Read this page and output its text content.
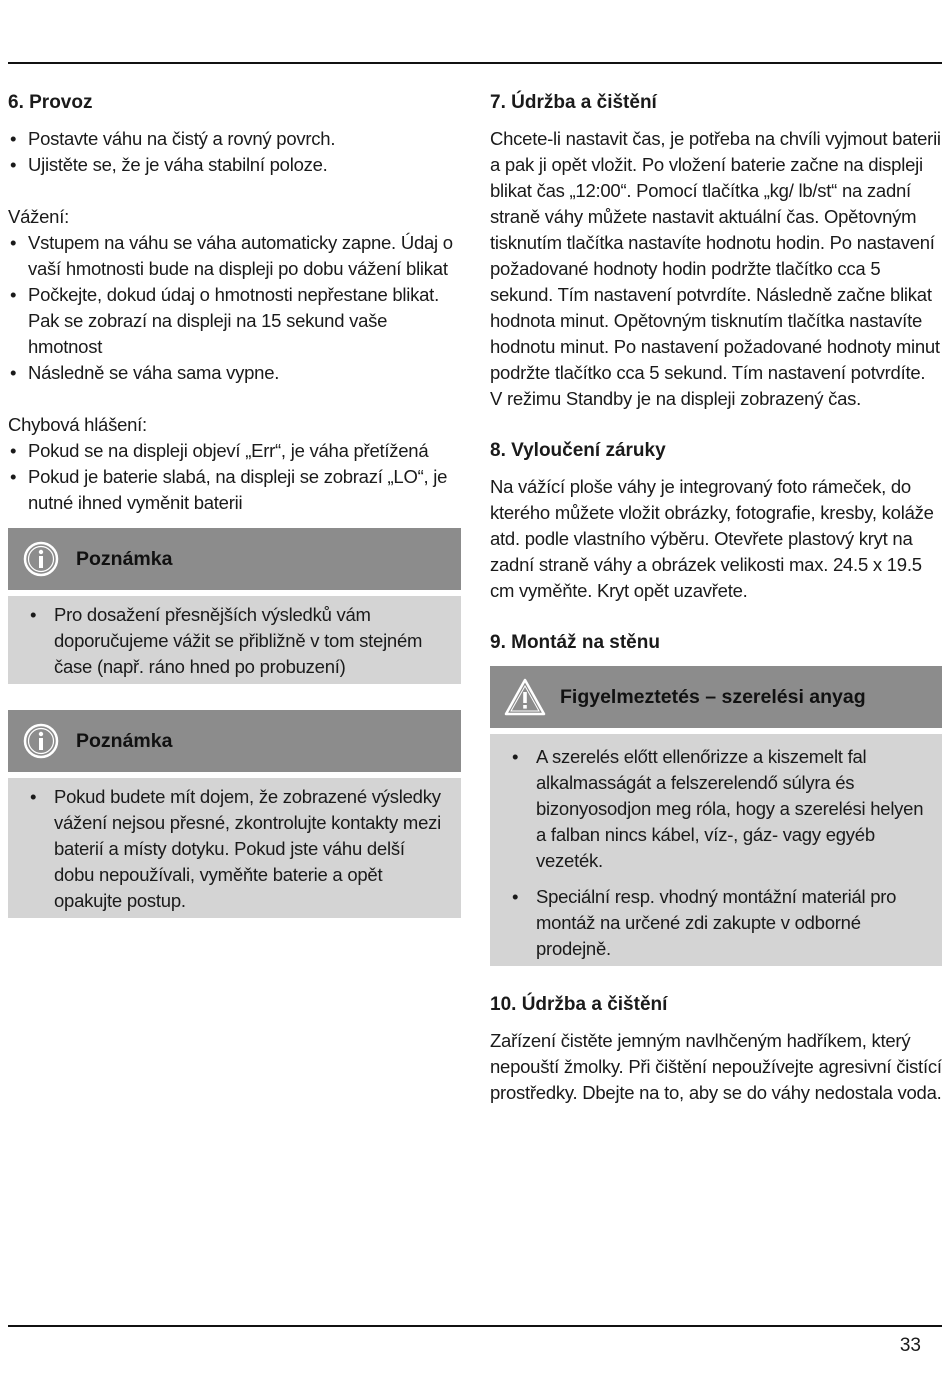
6. Provoz
• Postavte váhu na čistý a rovný povrch.
• Ujistěte se, že je váha stabilní poloze.

Vážení:

• Vstupem na váhu se váha automaticky zapne. Údaj o vaší hmotnosti bude na displeji po dobu vážení blikat
• Počkejte, dokud údaj o hmotnosti nepřestane blikat. Pak se zobrazí na displeji na 15 sekund vaše hmotnost
• Následně se váha sama vypne.

Chybová hlášení:

• Pokud se na displeji objeví „Err“, je váha přetížená
• Pokud je baterie slabá, na displeji se zobrazí „LO“, je nutné ihned vyměnit baterii
Poznámka
• Pro dosažení přesnějších výsledků vám doporučujeme vážit se přibližně v tom stejném čase (např. ráno hned po probuzení)
Poznámka
• Pokud budete mít dojem, že zobrazené výsledky vážení nejsou přesné, zkontrolujte kontakty mezi baterií a místy dotyku. Pokud jste váhu delší dobu nepoužívali, vyměňte baterie a opět opakujte postup.
7. Údržba a čištění

Chcete-li nastavit čas, je potřeba na chvíli vyjmout baterii a pak ji opět vložit. Po vložení baterie začne na displeji blikat čas „12:00“. Pomocí tlačítka „kg/ lb/st“ na zadní straně váhy můžete nastavit aktuální čas. Opětovným tisknutím tlačítka nastavíte hodnotu hodin. Po nastavení požadované hodnoty hodin podržte tlačítko cca 5 sekund. Tím nastavení potvrdíte. Následně začne blikat hodnota minut. Opětovným tisknutím tlačítka nastavíte hodnotu minut. Po nastavení požadované hodnoty minut podržte tlačítko cca 5 sekund. Tím nastavení potvrdíte. V režimu Standby je na displeji zobrazený čas.

8. Vyloučení záruky

Na vážící ploše váhy je integrovaný foto rámeček, do kterého můžete vložit obrázky, fotografie, kresby, koláže atd. podle vlastního výběru. Otevřete plastový kryt na zadní straně váhy a obrázek velikosti max. 24.5 x 19.5 cm vyměňte. Kryt opět uzavřete.

9. Montáž na stěnu
Figyelmeztetés – szerelési anyag
• A szerelés előtt ellenőrizze a kiszemelt fal alkalmasságát a felszerelendő súlyra és bizonyosodjon meg róla, hogy a szerelési helyen a falban nincs kábel, víz-, gáz- vagy egyéb vezeték.
• Speciální resp. vhodný montážní materiál pro montáž na určené zdi zakupte v odborné prodejně.
10. Údržba a čištění

Zařízení čistěte jemným navlhčeným hadříkem, který nepouští žmolky. Při čištění nepoužívejte agresivní čistící prostředky. Dbejte na to, aby se do váhy nedostala voda.

33
